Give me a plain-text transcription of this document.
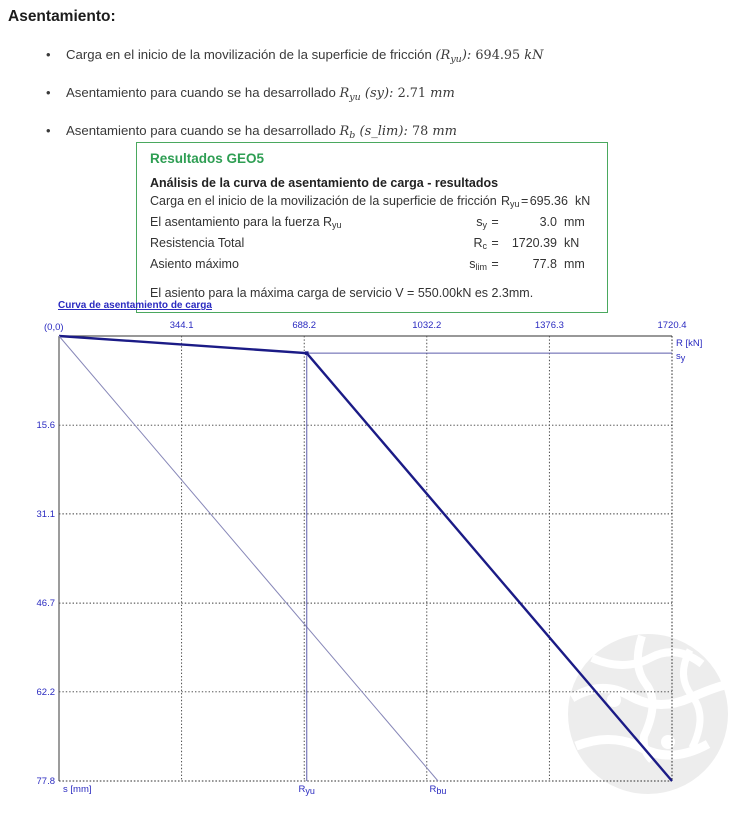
Asentamiento:
• Carga en el inicio de la movilización de la superficie de fricción $(R_{yu})$: 694.95 kN
• Asentamiento para cuando se ha desarrollado $R_{yu}$ (sy): 2.71 mm
• Asentamiento para cuando se ha desarrollado $R_b$ (s_lim): 78 mm

Resultados GEO5

Análisis de la curva de asentamiento de carga - resultados
Carga en el inicio de la movilización de la superficie de fricción $R_{yu} = 695.36$ kN
El asentamiento para la fuerza $R_{yu}$	$s_y$ =	3.0 mm
Resistencia Total	$R_c$ =	1720.39 kN
Asiento máximo	$s_{lim}$ =	77.8 mm
El asiento para la máxima carga de servicio V = 550.00kN es 2.3mm.
Curva de asentamiento de carga
(0,0)	344.1	688.2	1032.2	1376.3	1720.4
15.6
31.1
46.7
62.2
77.8
R [kN]
$s_y$
s [mm]	$R_{yu}$	$R_{bu}$
